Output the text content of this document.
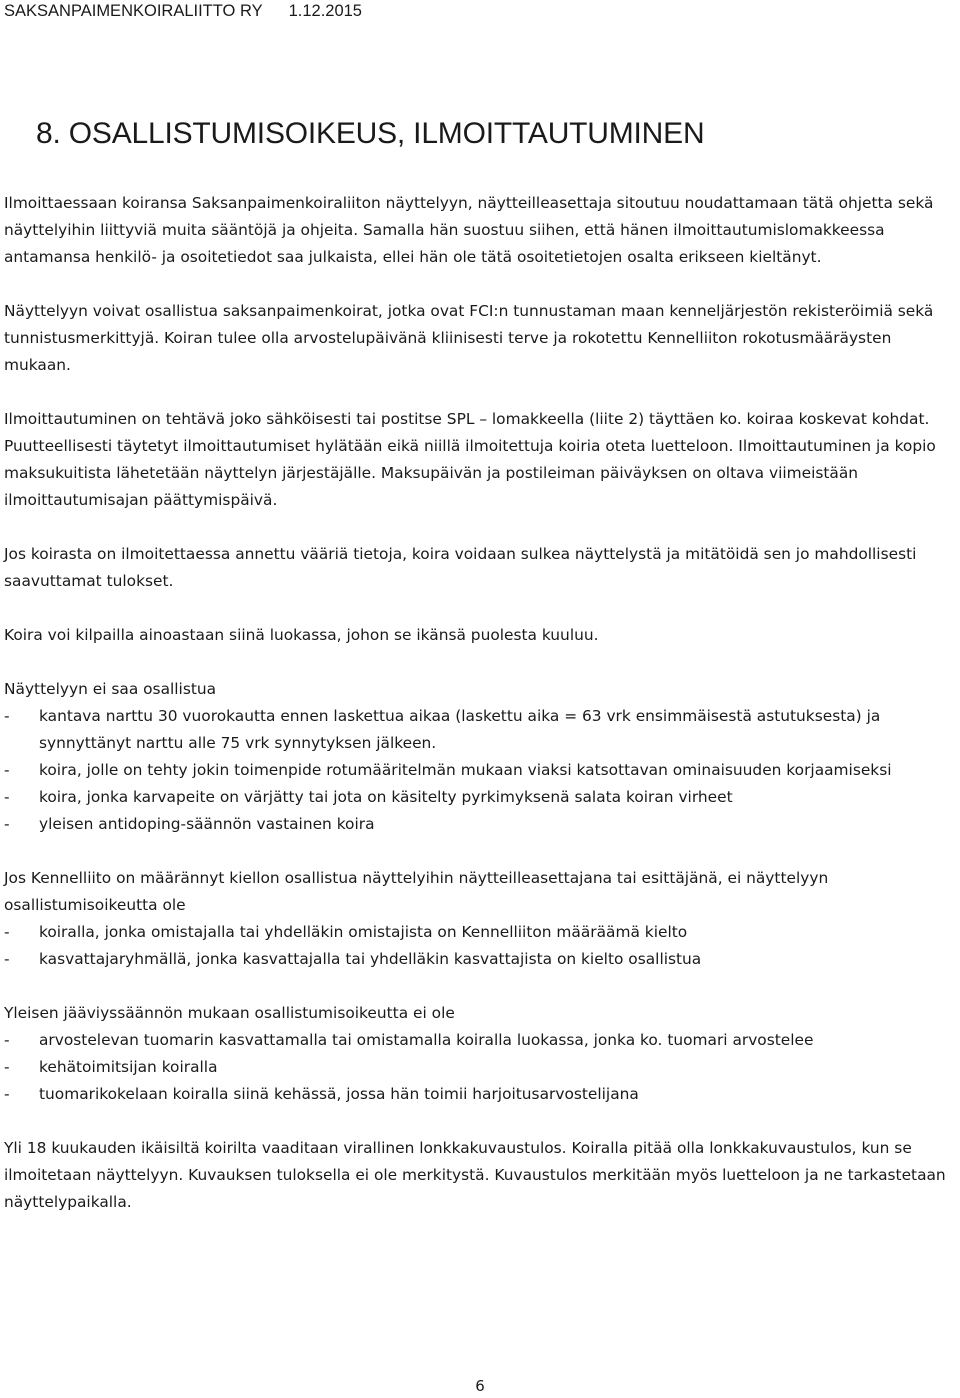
SAKSANPAIMENKOIRALIITTO RY 1.12.2015
8. OSALLISTUMISOIKEUS, ILMOITTAUTUMINEN

Ilmoittaessaan koiransa Saksanpaimenkoiraliiton näyttelyyn, näytteilleasettaja sitoutuu noudattamaan tätä ohjetta sekä näyttelyihin liittyviä muita sääntöjä ja ohjeita. Samalla hän suostuu siihen, että hänen ilmoittautumislomakkeessa antamansa henkilö- ja osoitetiedot saa julkaista, ellei hän ole tätä osoitetietojen osalta erikseen kieltänyt.

Näyttelyyn voivat osallistua saksanpaimenkoirat, jotka ovat FCI:n tunnustaman maan kenneljärjestön rekisteröimiä sekä tunnistusmerkittyjä. Koiran tulee olla arvostelupäivänä kliinisesti terve ja rokotettu Kennelliiton rokotusmääräysten mukaan.

Ilmoittautuminen on tehtävä joko sähköisesti tai postitse SPL – lomakkeella (liite 2) täyttäen ko. koiraa koskevat kohdat. Puutteellisesti täytetyt ilmoittautumiset hylätään eikä niillä ilmoitettuja koiria oteta luetteloon. Ilmoittautuminen ja kopio maksukuitista lähetetään näyttelyn järjestäjälle. Maksupäivän ja postileiman päiväyksen on oltava viimeistään ilmoittautumisajan päättymispäivä.

Jos koirasta on ilmoitettaessa annettu vääriä tietoja, koira voidaan sulkea näyttelystä ja mitätöidä sen jo mahdollisesti saavuttamat tulokset.

Koira voi kilpailla ainoastaan siinä luokassa, johon se ikänsä puolesta kuuluu.

Näyttelyyn ei saa osallistua
- kantava narttu 30 vuorokautta ennen laskettua aikaa (laskettu aika = 63 vrk ensimmäisestä astutuksesta) ja synnyttänyt narttu alle 75 vrk synnytyksen jälkeen.
- koira, jolle on tehty jokin toimenpide rotumääritelmän mukaan viaksi katsottavan ominaisuuden korjaamiseksi
- koira, jonka karvapeite on värjätty tai jota on käsitelty pyrkimyksenä salata koiran virheet
- yleisen antidoping-säännön vastainen koira
Jos Kennelliito on määrännyt kiellon osallistua näyttelyihin näytteilleasettajana tai esittäjänä, ei näyttelyyn osallistumisoikeutta ole
- koiralla, jonka omistajalla tai yhdelläkin omistajista on Kennelliiton määräämä kielto
- kasvattajaryhmällä, jonka kasvattajalla tai yhdelläkin kasvattajista on kielto osallistua
Yleisen jääviyssäännön mukaan osallistumisoikeutta ei ole
- arvostelevan tuomarin kasvattamalla tai omistamalla koiralla luokassa, jonka ko. tuomari arvostelee
- kehätoimitsijan koiralla
- tuomarikokelaan koiralla siinä kehässä, jossa hän toimii harjoitusarvostelijana

Yli 18 kuukauden ikäisiltä koirilta vaaditaan virallinen lonkkakuvaustulos. Koiralla pitää olla lonkkakuvaustulos, kun se ilmoitetaan näyttelyyn. Kuvauksen tuloksella ei ole merkitystä. Kuvaustulos merkitään myös luetteloon ja ne tarkastetaan näyttelypaikalla.

6
